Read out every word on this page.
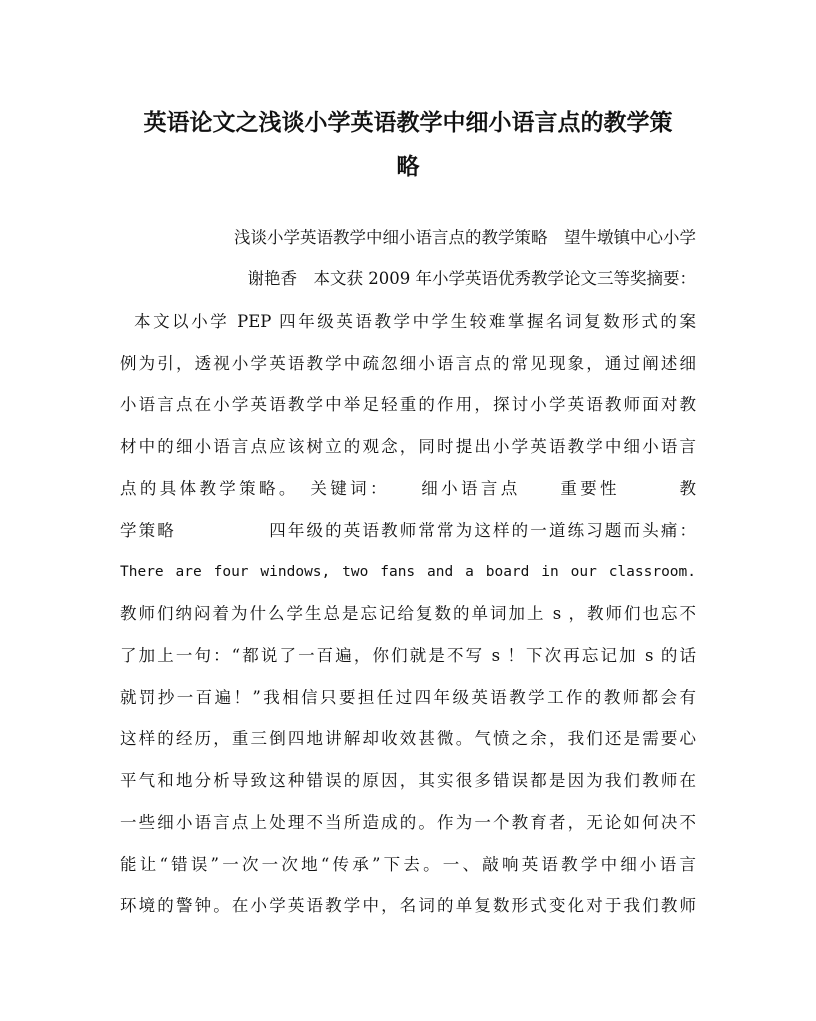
英语论文之浅谈小学英语教学中细小语言点的教学策
略

浅谈小学英语教学中细小语言点的教学策略　望牛墩镇中心小学

谢艳香　本文获 2009 年小学英语优秀教学论文三等奖摘要：

本文以小学 PEP 四年级英语教学中学生较难掌握名词复数形式的案

例为引，透视小学英语教学中疏忽细小语言点的常见现象，通过阐述细

小语言点在小学英语教学中举足轻重的作用，探讨小学英语教师面对教

材中的细小语言点应该树立的观念，同时提出小学英语教学中细小语言

点的具体教学策略。　关键词：　　细小语言点　　重要性　　　教

学策略　　　　　四年级的英语教师常常为这样的一道练习题而头痛：

There are four windows, two fans and a board in our classroom.

教师们纳闷着为什么学生总是忘记给复数的单词加上 s ，教师们也忘不

了加上一句：“都说了一百遍，你们就是不写 s ！下次再忘记加 s 的话

就罚抄一百遍！”我相信只要担任过四年级英语教学工作的教师都会有

这样的经历，重三倒四地讲解却收效甚微。气愤之余，我们还是需要心

平气和地分析导致这种错误的原因，其实很多错误都是因为我们教师在

一些细小语言点上处理不当所造成的。作为一个教育者，无论如何决不

能让“错误”一次一次地“传承”下去。一、敲响英语教学中细小语言

环境的警钟。在小学英语教学中，名词的单复数形式变化对于我们教师
